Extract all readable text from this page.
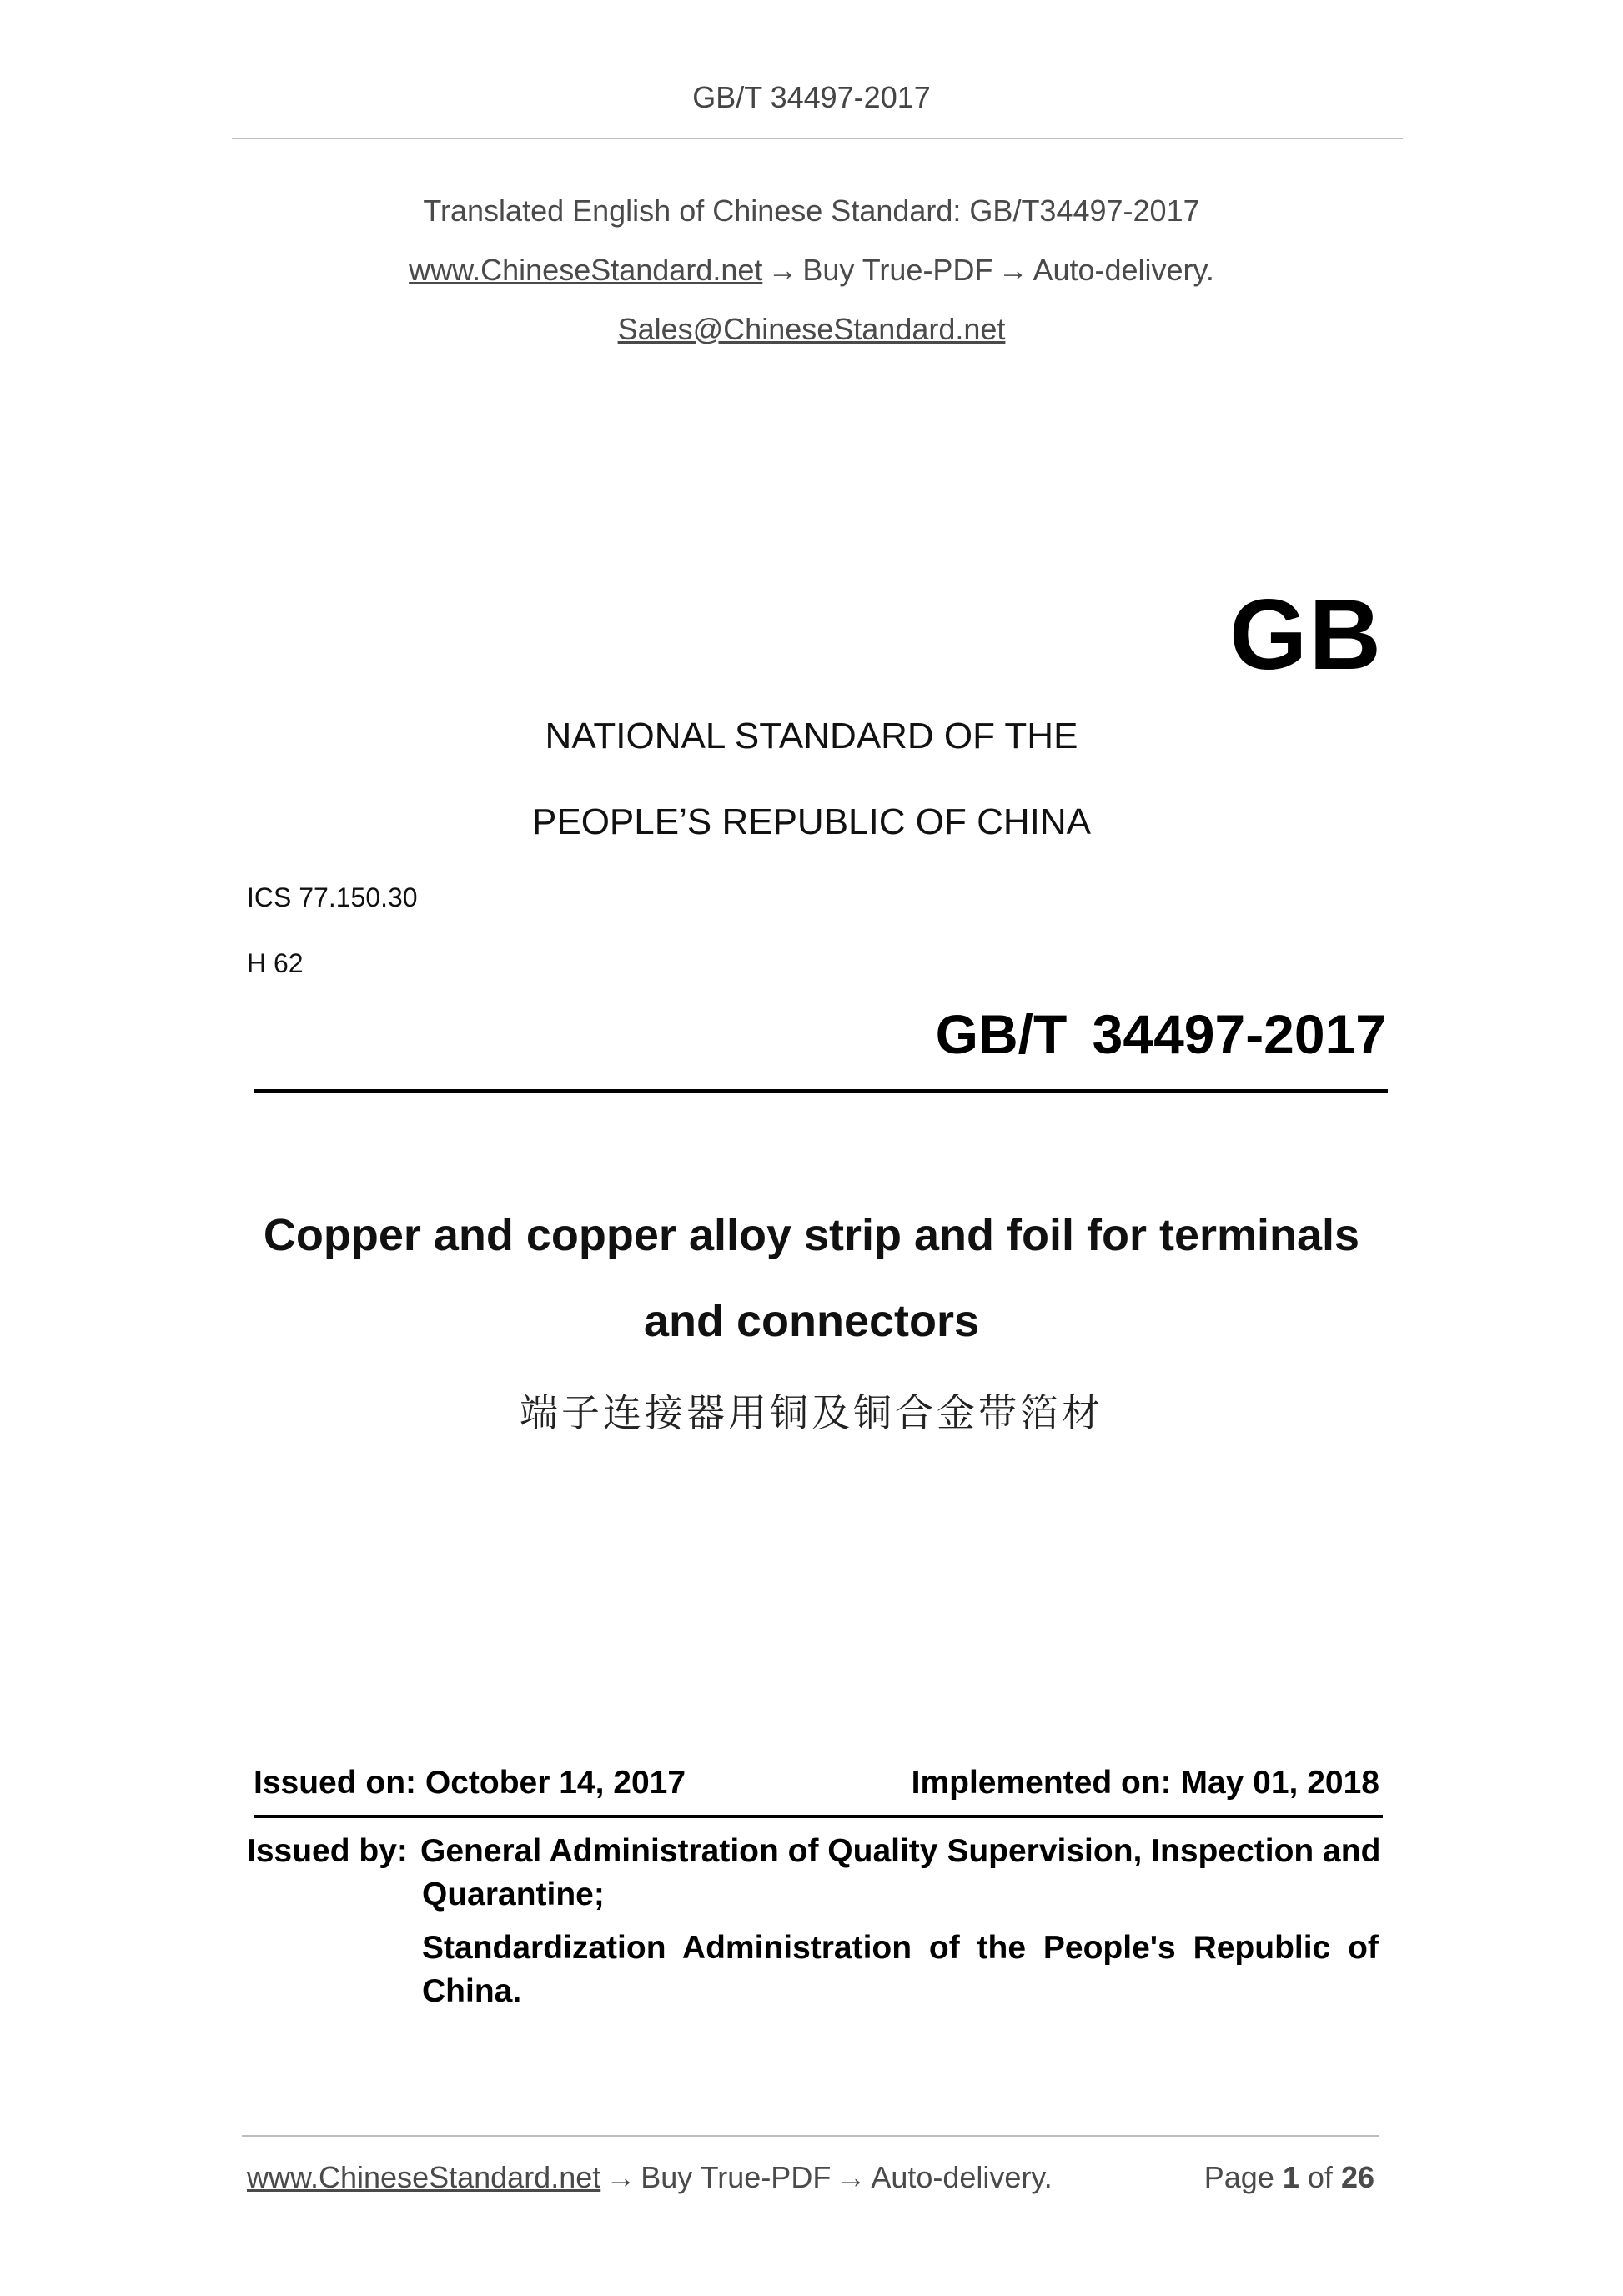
GB/T 34497-2017
Translated English of Chinese Standard: GB/T34497-2017
www.ChineseStandard.net → Buy True-PDF → Auto-delivery.
Sales@ChineseStandard.net
GB
NATIONAL STANDARD OF THE
PEOPLE’S REPUBLIC OF CHINA
ICS 77.150.30
H 62
GB/T 34497-2017
Copper and copper alloy strip and foil for terminals
and connectors
端子连接器用铜及铜合金带箔材
Issued on: October 14, 2017	Implemented on: May 01, 2018
Issued by: General Administration of Quality Supervision, Inspection and
Quarantine;
Standardization Administration of the People's Republic of
China.
www.ChineseStandard.net → Buy True-PDF → Auto-delivery.	Page 1 of 26
